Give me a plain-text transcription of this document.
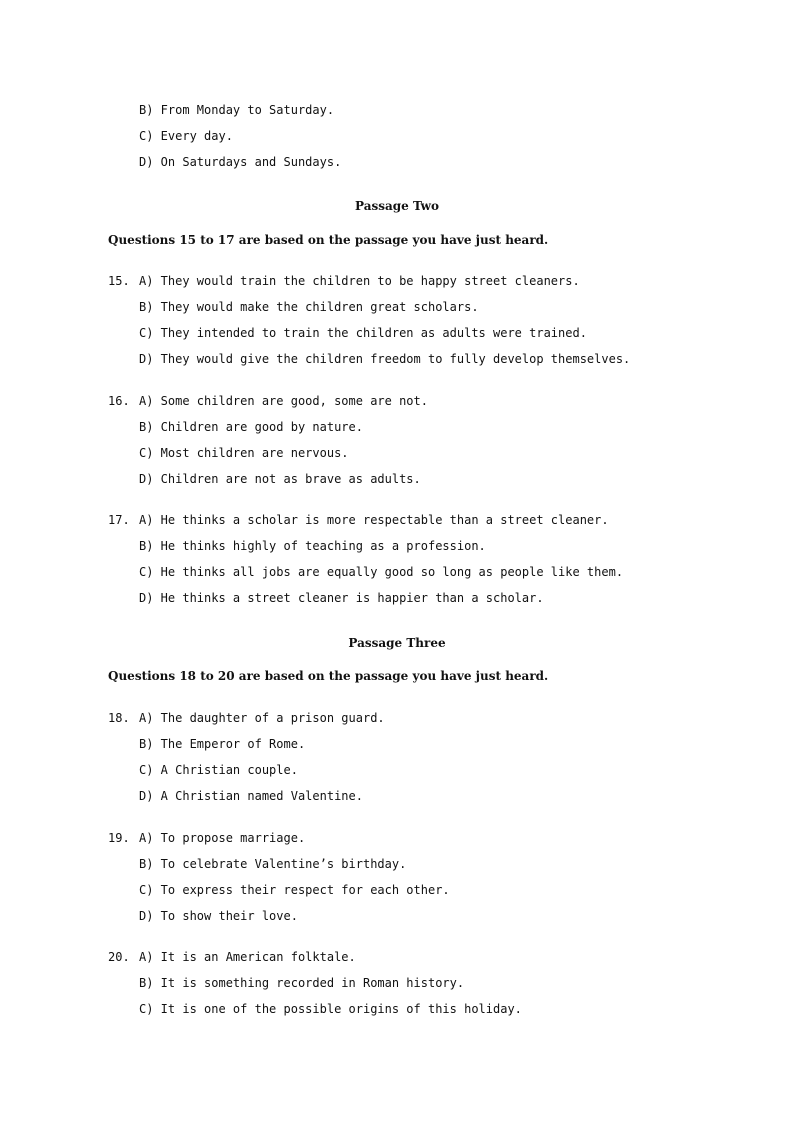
B) From Monday to Saturday.
C) Every day.
D) On Saturdays and Sundays.
Passage Two
Questions 15 to 17 are based on the passage you have just heard.
15. A) They would train the children to be happy street cleaners.
B) They would make the children great scholars.
C) They intended to train the children as adults were trained.
D) They would give the children freedom to fully develop themselves.
16. A) Some children are good, some are not.
B) Children are good by nature.
C) Most children are nervous.
D) Children are not as brave as adults.
17. A) He thinks a scholar is more respectable than a street cleaner.
B) He thinks highly of teaching as a profession.
C) He thinks all jobs are equally good so long as people like them.
D) He thinks a street cleaner is happier than a scholar.
Passage Three
Questions 18 to 20 are based on the passage you have just heard.
18. A) The daughter of a prison guard.
B) The Emperor of Rome.
C) A Christian couple.
D) A Christian named Valentine.
19. A) To propose marriage.
B) To celebrate Valentine’s birthday.
C) To express their respect for each other.
D) To show their love.
20. A) It is an American folktale.
B) It is something recorded in Roman history.
C) It is one of the possible origins of this holiday.
